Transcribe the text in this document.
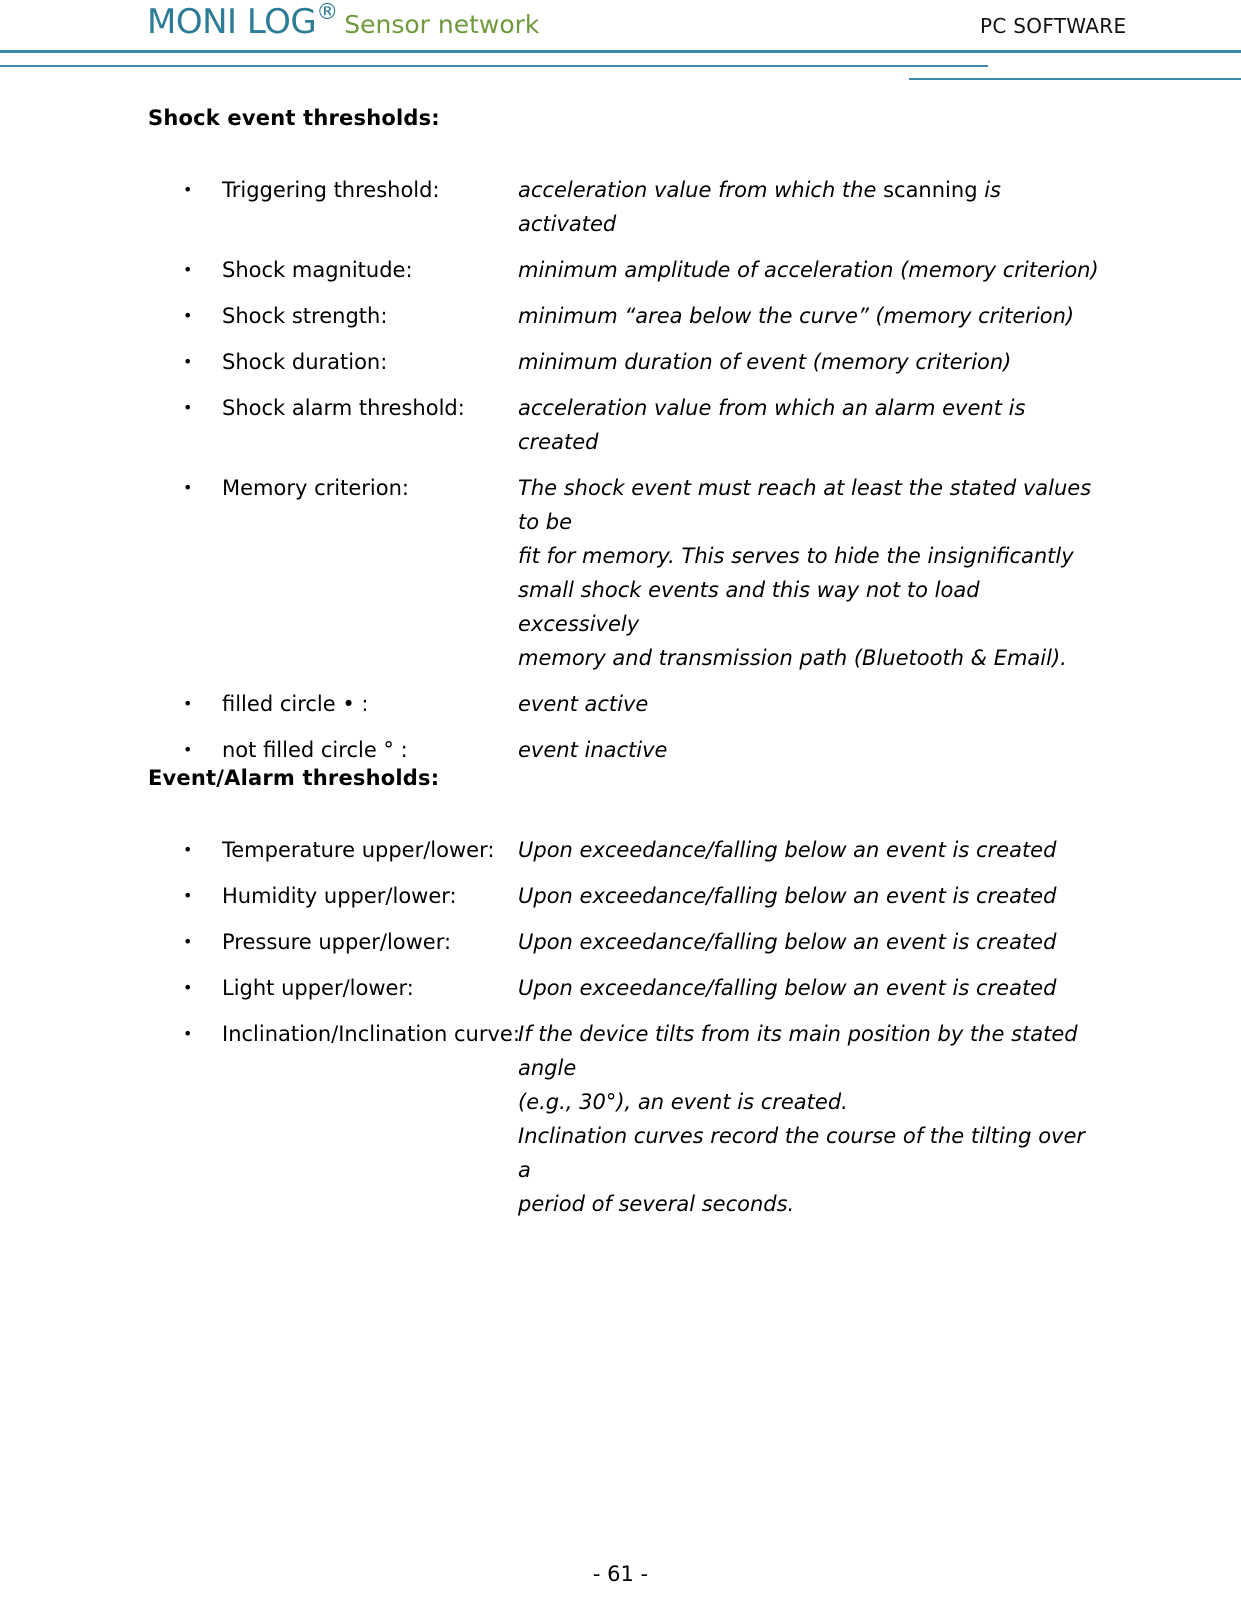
MONI LOG® Sensor network	PC SOFTWARE
Shock event thresholds:
• Triggering threshold:	acceleration value from which the scanning is activated
• Shock magnitude:	minimum amplitude of acceleration (memory criterion)
• Shock strength:	minimum “area below the curve” (memory criterion)
• Shock duration:	minimum duration of event (memory criterion)
• Shock alarm threshold:	acceleration value from which an alarm event is created
• Memory criterion:	The shock event must reach at least the stated values to be
fit for memory. This serves to hide the insignificantly
small shock events and this way not to load excessively
memory and transmission path (Bluetooth & Email).
• filled circle • :	event active
• not filled circle ° :	event inactive
Event/Alarm thresholds:
• Temperature upper/lower: Upon exceedance/falling below an event is created
• Humidity upper/lower:	Upon exceedance/falling below an event is created
• Pressure upper/lower:	Upon exceedance/falling below an event is created
• Light upper/lower:	Upon exceedance/falling below an event is created
• Inclination/Inclination curve:
If the device tilts from its main position by the stated angle
(e.g., 30°), an event is created.
Inclination curves record the course of the tilting over a
period of several seconds.
- 61 -
